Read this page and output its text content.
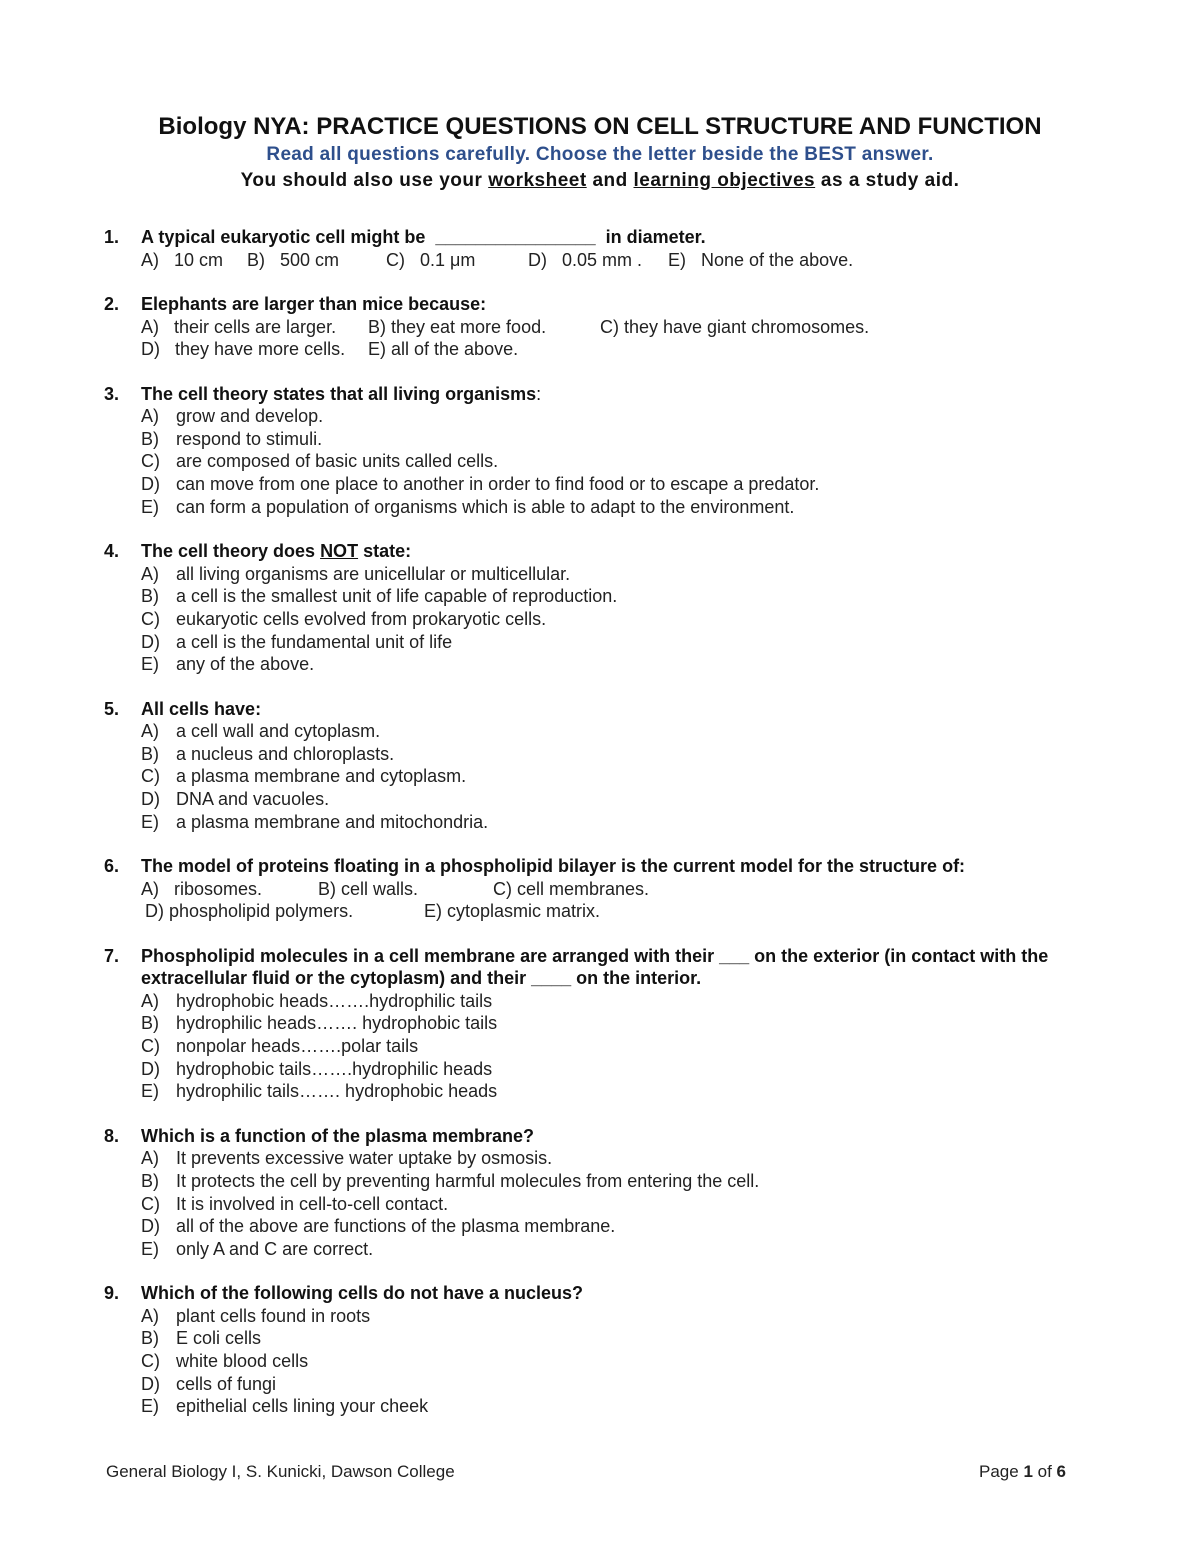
Biology NYA: PRACTICE QUESTIONS ON CELL STRUCTURE AND FUNCTION
Read all questions carefully. Choose the letter beside the BEST answer.
You should also use your worksheet and learning objectives as a study aid.
1.	A typical eukaryotic cell might be  ________________  in diameter.
A)   10 cm	B)   500 cm	C)   0.1 μm	D)   0.05 mm .	E)   None of the above.
2.	Elephants are larger than mice because:
A)   their cells are larger.	B) they eat more food.	C) they have giant chromosomes.
D)   they have more cells.	E) all of the above.
3.	The cell theory states that all living organisms:
A) grow and develop.
B) respond to stimuli.
C) are composed of basic units called cells.
D) can move from one place to another in order to find food or to escape a predator.
E) can form a population of organisms which is able to adapt to the environment.
4.	The cell theory does NOT state:
A) all living organisms are unicellular or multicellular.
B) a cell is the smallest unit of life capable of reproduction.
C) eukaryotic cells evolved from prokaryotic cells.
D) a cell is the fundamental unit of life
E) any of the above.
5.	All cells have:
A) a cell wall and cytoplasm.
B) a nucleus and chloroplasts.
C) a plasma membrane and cytoplasm.
D) DNA and vacuoles.
E) a plasma membrane and mitochondria.
6.	The model of proteins floating in a phospholipid bilayer is the current model for the structure of:
A)   ribosomes.	B) cell walls.	C) cell membranes.
D) phospholipid polymers.	E) cytoplasmic matrix.
7.	Phospholipid molecules in a cell membrane are arranged with their ___ on the exterior (in contact with the extracellular fluid or the cytoplasm) and their ____ on the interior.
A) hydrophobic heads…….hydrophilic tails
B) hydrophilic heads……. hydrophobic tails
C) nonpolar heads…….polar tails
D) hydrophobic tails…….hydrophilic heads
E) hydrophilic tails……. hydrophobic heads
8.	Which is a function of the plasma membrane?
A) It prevents excessive water uptake by osmosis.
B) It protects the cell by preventing harmful molecules from entering the cell.
C) It is involved in cell-to-cell contact.
D) all of the above are functions of the plasma membrane.
E) only A and C are correct.
9.	Which of the following cells do not have a nucleus?
A) plant cells found in roots
B) E coli cells
C) white blood cells
D) cells of fungi
E) epithelial cells lining your cheek
General Biology I, S. Kunicki, Dawson College	Page 1 of 6
